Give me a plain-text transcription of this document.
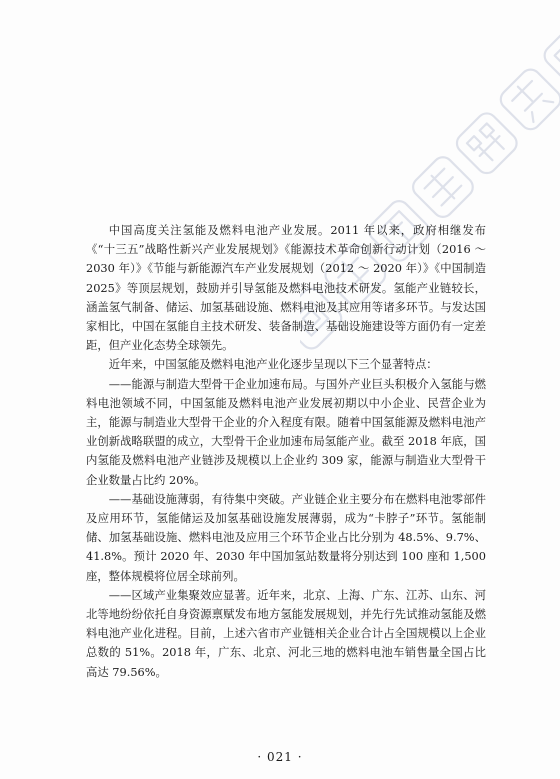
中国高度关注氢能及燃料电池产业发展。2011 年以来，政府相继发布《“十三五”战略性新兴产业发展规划》《能源技术革命创新行动计划（2016 ～ 2030 年）》《节能与新能源汽车产业发展规划（2012 ～ 2020 年）》《中国制造 2025》等顶层规划，鼓励并引导氢能及燃料电池技术研发。氢能产业链较长，涵盖氢气制备、储运、加氢基础设施、燃料电池及其应用等诸多环节。与发达国家相比，中国在氢能自主技术研发、装备制造、基础设施建设等方面仍有一定差距，但产业化态势全球领先。

近年来，中国氢能及燃料电池产业化逐步呈现以下三个显著特点：

——能源与制造大型骨干企业加速布局。与国外产业巨头积极介入氢能与燃料电池领域不同，中国氢能及燃料电池产业发展初期以中小企业、民营企业为主，能源与制造业大型骨干企业的介入程度有限。随着中国氢能源及燃料电池产业创新战略联盟的成立，大型骨干企业加速布局氢能产业。截至 2018 年底，国内氢能及燃料电池产业链涉及规模以上企业约 309 家，能源与制造业大型骨干企业数量占比约 20%。

——基础设施薄弱，有待集中突破。产业链企业主要分布在燃料电池零部件及应用环节，氢能储运及加氢基础设施发展薄弱，成为“卡脖子”环节。氢能制储、加氢基础设施、燃料电池及应用三个环节企业占比分别为 48.5%、9.7%、41.8%。预计 2020 年、2030 年中国加氢站数量将分别达到 100 座和 1,500 座，整体规模将位居全球前列。

——区域产业集聚效应显著。近年来，北京、上海、广东、江苏、山东、河北等地纷纷依托自身资源禀赋发布地方氢能发展规划，并先行先试推动氢能及燃料电池产业化进程。目前，上述六省市产业链相关企业合计占全国规模以上企业总数的 51%。2018 年，广东、北京、河北三地的燃料电池车销售量全国占比高达 79.56%。

· 021 ·
